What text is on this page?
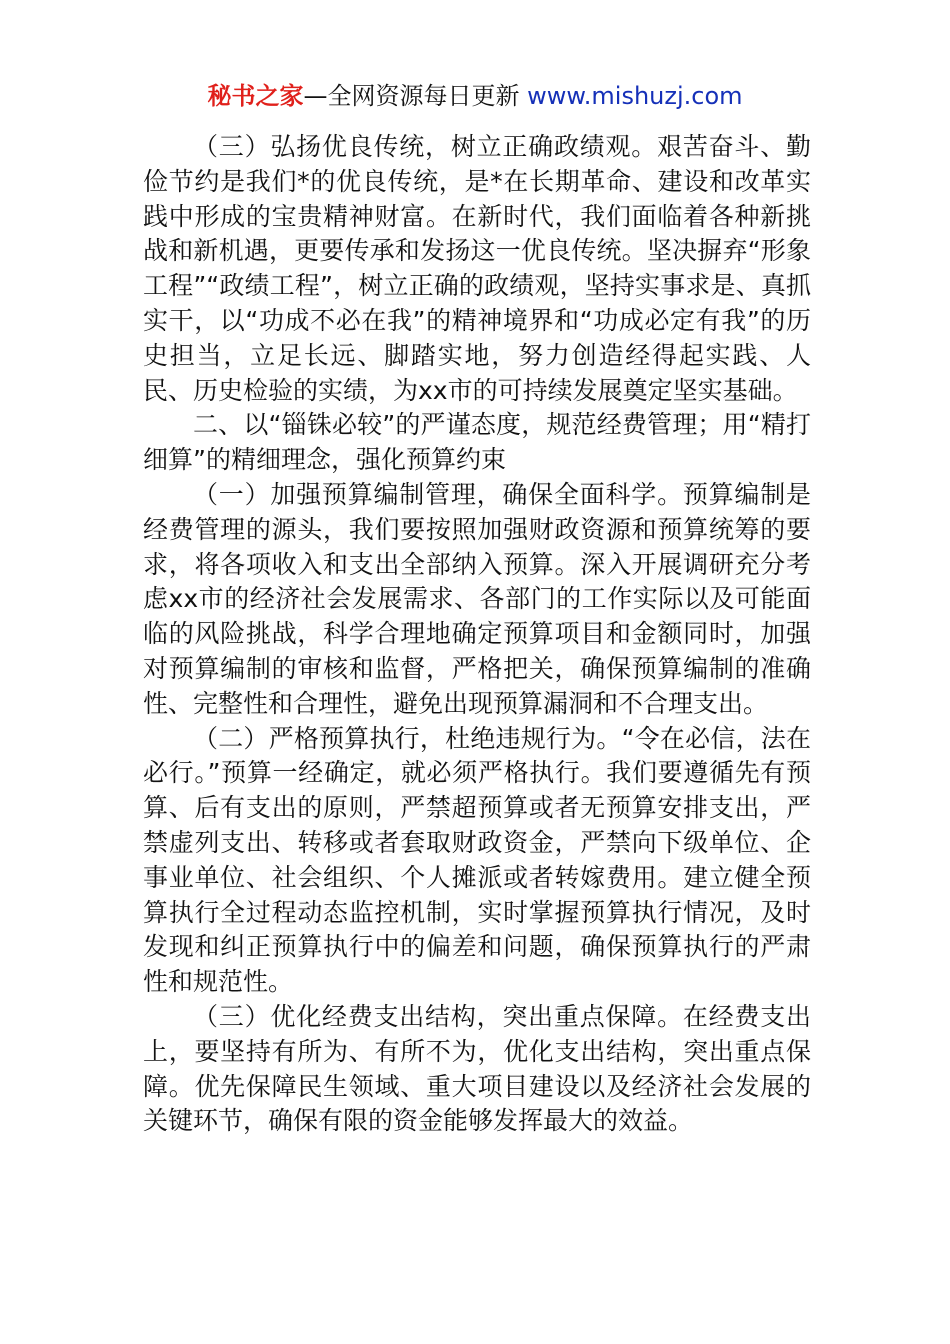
秘书之家—全网资源每日更新 www.mishuzj.com

（三）弘扬优良传统，树立正确政绩观。艰苦奋斗、勤俭节约是我们*的优良传统，是*在长期革命、建设和改革实践中形成的宝贵精神财富。在新时代，我们面临着各种新挑战和新机遇，更要传承和发扬这一优良传统。坚决摒弃“形象工程”“政绩工程”，树立正确的政绩观，坚持实事求是、真抓实干，以“功成不必在我”的精神境界和“功成必定有我”的历史担当，立足长远、脚踏实地，努力创造经得起实践、人民、历史检验的实绩，为xx市的可持续发展奠定坚实基础。

二、以“锱铢必较”的严谨态度，规范经费管理；用“精打细算”的精细理念，强化预算约束

（一）加强预算编制管理，确保全面科学。预算编制是经费管理的源头，我们要按照加强财政资源和预算统筹的要求，将各项收入和支出全部纳入预算。深入开展调研充分考虑xx市的经济社会发展需求、各部门的工作实际以及可能面临的风险挑战，科学合理地确定预算项目和金额同时，加强对预算编制的审核和监督，严格把关，确保预算编制的准确性、完整性和合理性，避免出现预算漏洞和不合理支出。

（二）严格预算执行，杜绝违规行为。“令在必信，法在必行。”预算一经确定，就必须严格执行。我们要遵循先有预算、后有支出的原则，严禁超预算或者无预算安排支出，严禁虚列支出、转移或者套取财政资金，严禁向下级单位、企事业单位、社会组织、个人摊派或者转嫁费用。建立健全预算执行全过程动态监控机制，实时掌握预算执行情况，及时发现和纠正预算执行中的偏差和问题，确保预算执行的严肃性和规范性。

（三）优化经费支出结构，突出重点保障。在经费支出上，要坚持有所为、有所不为，优化支出结构，突出重点保障。优先保障民生领域、重大项目建设以及经济社会发展的关键环节，确保有限的资金能够发挥最大的效益。
